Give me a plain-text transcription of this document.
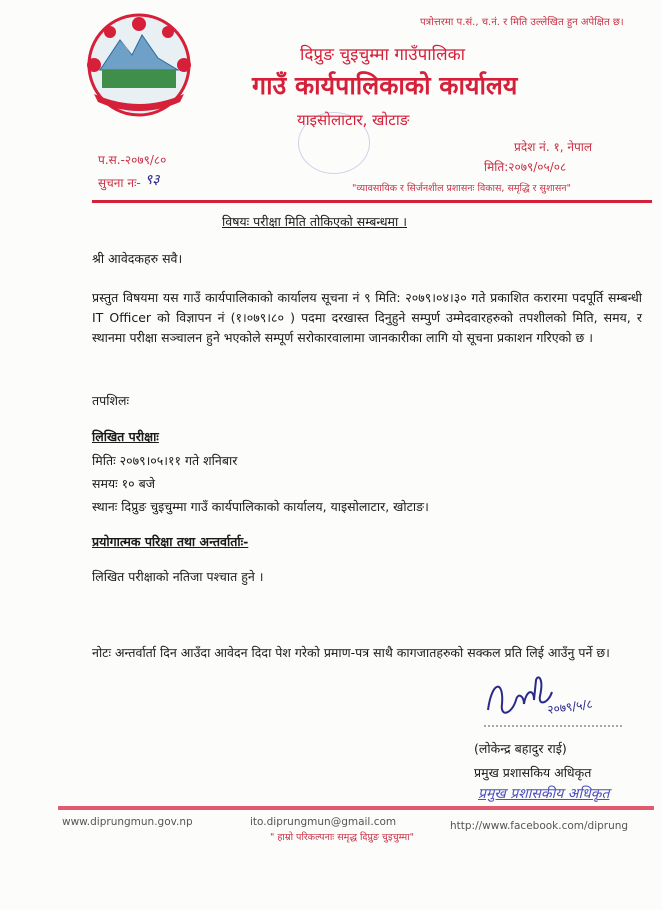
पत्रोत्तरमा प.सं., च.नं. र मिति उल्लेखित हुन अपेक्षित छ।
दिप्रुङ चुइचुम्मा गाउँपालिका
गाउँ कार्यपालिकाको कार्यालय
याइसोलाटार, खोटाङ
प्रदेश नं. १, नेपाल
मिति:२०७९/०५/०८
प.स.-२०७९/८०
सुचना नः- ९३
"व्यावसायिक र सिर्जनशील प्रशासनः विकास, समृद्धि र सुशासन"
विषयः परीक्षा मिति तोकिएको सम्बन्धमा ।
श्री आवेदकहरु सवै।
प्रस्तुत विषयमा यस गाउँ कार्यपालिकाको कार्यालय सूचना नं ९ मिति: २०७९।०४।३० गते प्रकाशित करारमा पदपूर्ति सम्बन्धी IT Officer को विज्ञापन नं (१।०७९।८० ) पदमा दरखास्त दिनुहुने सम्पुर्ण उम्मेदवारहरुको तपशीलको मिति, समय, र स्थानमा परीक्षा सञ्चालन हुने भएकोले सम्पूर्ण सरोकारवालामा जानकारीका लागि यो सूचना प्रकाशन गरिएको छ ।
तपशिलः
लिखित परीक्षाः
मितिः २०७९।०५।११ गते शनिबार
समयः १० बजे
स्थानः दिप्रुङ चुइचुम्मा गाउँ कार्यपालिकाको कार्यालय, याइसोलाटार, खोटाङ।
प्रयोगात्मक परिक्षा तथा अन्तर्वार्ताः-
लिखित परीक्षाको नतिजा पश्चात हुने ।
नोटः अन्तर्वार्ता दिन आउँदा आवेदन दिदा पेश गरेको प्रमाण-पत्र साथै कागजातहरुको सक्कल प्रति लिई आउँनु पर्ने छ।
२०७९/५/८
(लोकेन्द्र बहादुर राई)
प्रमुख प्रशासकिय अधिकृत
प्रमुख प्रशासकीय अधिकृत
www.diprungmun.gov.np	ito.diprungmun@gmail.com	http://www.facebook.com/diprung
" हाम्रो परिकल्पनाः समृद्ध दिप्रुङ चुइचुम्मा"
